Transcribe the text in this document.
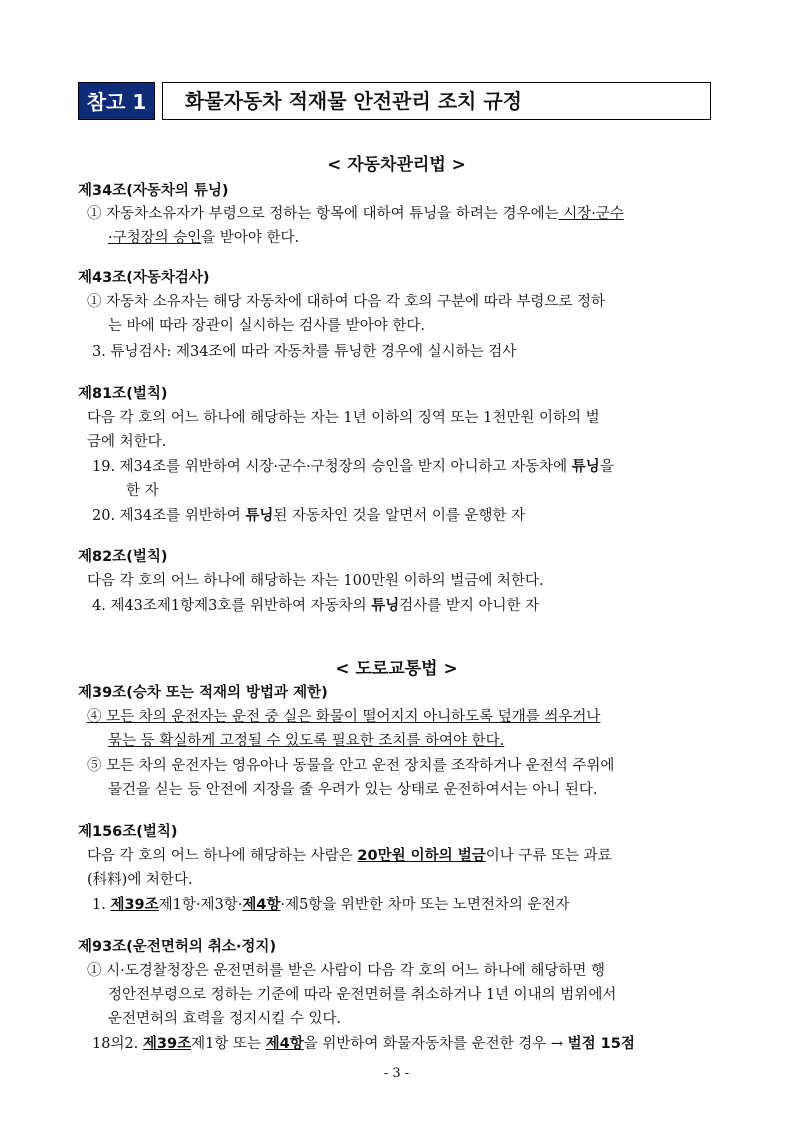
참고 1	화물자동차 적재물 안전관리 조치 규정
< 자동차관리법 >
제34조(자동차의 튜닝)
① 자동차소유자가 부령으로 정하는 항목에 대하여 튜닝을 하려는 경우에는 시장·군수
·구청장의 승인을 받아야 한다.
제43조(자동차검사)
① 자동차 소유자는 해당 자동차에 대하여 다음 각 호의 구분에 따라 부령으로 정하
는 바에 따라 장관이 실시하는 검사를 받아야 한다.
3. 튜닝검사: 제34조에 따라 자동차를 튜닝한 경우에 실시하는 검사
제81조(벌칙)
다음 각 호의 어느 하나에 해당하는 자는 1년 이하의 징역 또는 1천만원 이하의 벌
금에 처한다.
19. 제34조를 위반하여 시장·군수·구청장의 승인을 받지 아니하고 자동차에 튜닝을
한 자
20. 제34조를 위반하여 튜닝된 자동차인 것을 알면서 이를 운행한 자
제82조(벌칙)
다음 각 호의 어느 하나에 해당하는 자는 100만원 이하의 벌금에 처한다.
4. 제43조제1항제3호를 위반하여 자동차의 튜닝검사를 받지 아니한 자
< 도로교통법 >
제39조(승차 또는 적재의 방법과 제한)
④ 모든 차의 운전자는 운전 중 실은 화물이 떨어지지 아니하도록 덮개를 씌우거나
묶는 등 확실하게 고정될 수 있도록 필요한 조치를 하여야 한다.
⑤ 모든 차의 운전자는 영유아나 동물을 안고 운전 장치를 조작하거나 운전석 주위에
물건을 싣는 등 안전에 지장을 줄 우려가 있는 상태로 운전하여서는 아니 된다.
제156조(벌칙)
다음 각 호의 어느 하나에 해당하는 사람은 20만원 이하의 벌금이나 구류 또는 과료
(科料)에 처한다.
1. 제39조제1항·제3항·제4항·제5항을 위반한 차마 또는 노면전차의 운전자
제93조(운전면허의 취소·정지)
① 시·도경찰청장은 운전면허를 받은 사람이 다음 각 호의 어느 하나에 해당하면 행
정안전부령으로 정하는 기준에 따라 운전면허를 취소하거나 1년 이내의 범위에서
운전면허의 효력을 정지시킬 수 있다.
18의2. 제39조제1항 또는 제4항을 위반하여 화물자동차를 운전한 경우 → 벌점 15점
- 3 -
